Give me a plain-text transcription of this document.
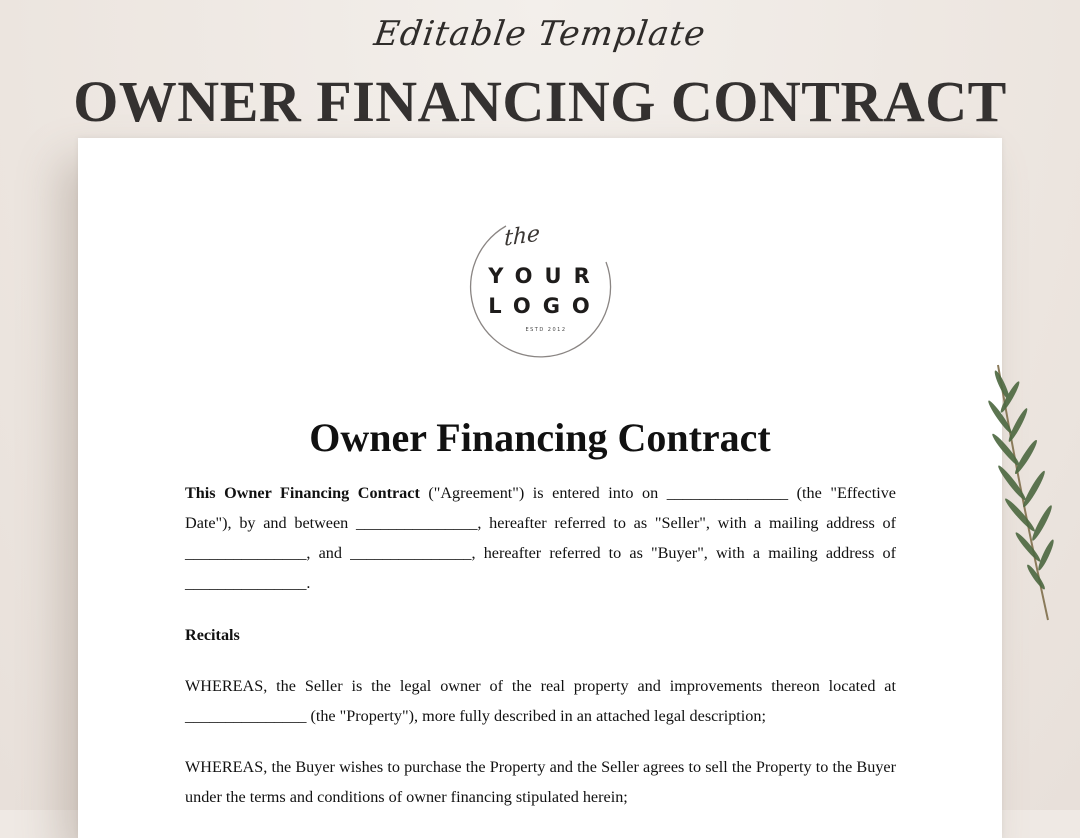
Editable Template
OWNER FINANCING CONTRACT
the
YOUR
LOGO
ESTD 2012
Owner Financing Contract
This Owner Financing Contract ("Agreement") is entered into on _______________ (the "Effective Date"), by and between _______________, hereafter referred to as "Seller", with a mailing address of _______________, and _______________, hereafter referred to as "Buyer", with a mailing address of _______________.
Recitals
WHEREAS, the Seller is the legal owner of the real property and improvements thereon located at _______________ (the "Property"), more fully described in an attached legal description;
WHEREAS, the Buyer wishes to purchase the Property and the Seller agrees to sell the Property to the Buyer under the terms and conditions of owner financing stipulated herein;
